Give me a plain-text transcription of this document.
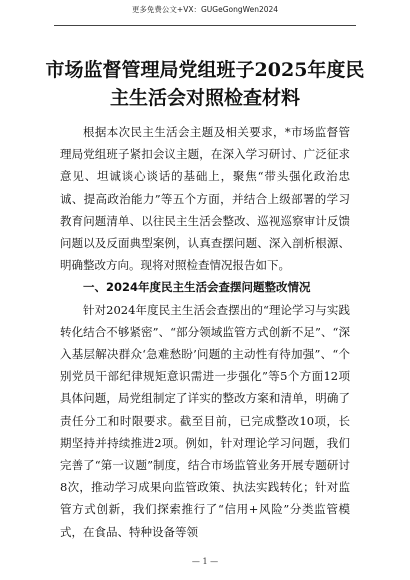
更多免费公文+VX：GUGeGongWen2024
市场监督管理局党组班子2025年度民主生活会对照检查材料

根据本次民主生活会主题及相关要求，*市场监督管理局党组班子紧扣会议主题，在深入学习研讨、广泛征求意见、坦诚谈心谈话的基础上，聚焦“带头强化政治忠诚、提高政治能力”等五个方面，并结合上级部署的学习教育问题清单、以往民主生活会整改、巡视巡察审计反馈问题以及反面典型案例，认真查摆问题、深入剖析根源、明确整改方向。现将对照检查情况报告如下。

一、2024年度民主生活会查摆问题整改情况

针对2024年度民主生活会查摆出的“理论学习与实践转化结合不够紧密”、“部分领域监管方式创新不足”、“深入基层解决群众‘急难愁盼’问题的主动性有待加强”、“个别党员干部纪律规矩意识需进一步强化”等5个方面12项具体问题，局党组制定了详实的整改方案和清单，明确了责任分工和时限要求。截至目前，已完成整改10项，长期坚持并持续推进2项。例如，针对理论学习问题，我们完善了“第一议题”制度，结合市场监管业务开展专题研讨8次，推动学习成果向监管政策、执法实践转化；针对监管方式创新，我们探索推行了“信用+风险”分类监管模式，在食品、特种设备等领

— 1 —
